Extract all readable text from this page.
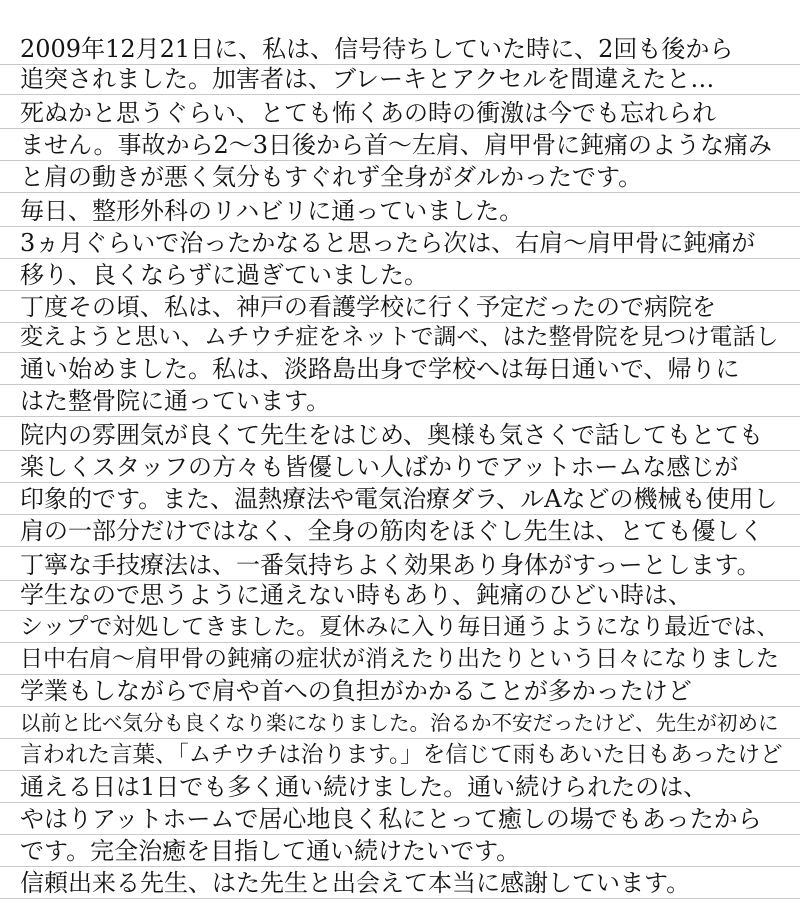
2009年12月21日に、私は、信号待ちしていた時に、2回も後から
追突されました。加害者は、ブレーキとアクセルを間違えたと…
死ぬかと思うぐらい、とても怖くあの時の衝激は今でも忘れられ
ません。事故から2～3日後から首～左肩、肩甲骨に鈍痛のような痛み
と肩の動きが悪く気分もすぐれず全身がダルかったです。
毎日、整形外科のリハビリに通っていました。
3ヵ月ぐらいで治ったかなると思ったら次は、右肩～肩甲骨に鈍痛が
移り、良くならずに過ぎていました。
丁度その頃、私は、神戸の看護学校に行く予定だったので病院を
変えようと思い、ムチウチ症をネットで調べ、はた整骨院を見つけ電話し
通い始めました。私は、淡路島出身で学校へは毎日通いで、帰りに
はた整骨院に通っています。
院内の雰囲気が良くて先生をはじめ、奥様も気さくで話してもとても
楽しくスタッフの方々も皆優しい人ばかりでアットホームな感じが
印象的です。また、温熱療法や電気治療ダラ、ルAなどの機械も使用し
肩の一部分だけではなく、全身の筋肉をほぐし先生は、とても優しく
丁寧な手技療法は、一番気持ちよく効果あり身体がすっーとします。
学生なので思うように通えない時もあり、鈍痛のひどい時は、
シップで対処してきました。夏休みに入り毎日通うようになり最近では、
日中右肩～肩甲骨の鈍痛の症状が消えたり出たりという日々になりました
学業もしながらで肩や首への負担がかかることが多かったけど
以前と比べ気分も良くなり楽になりました。治るか不安だったけど、先生が初めに
言われた言葉、「ムチウチは治ります。」を信じて雨もあいた日もあったけど
通える日は1日でも多く通い続けました。通い続けられたのは、
やはりアットホームで居心地良く私にとって癒しの場でもあったから
です。完全治癒を目指して通い続けたいです。
信頼出来る先生、はた先生と出会えて本当に感謝しています。
